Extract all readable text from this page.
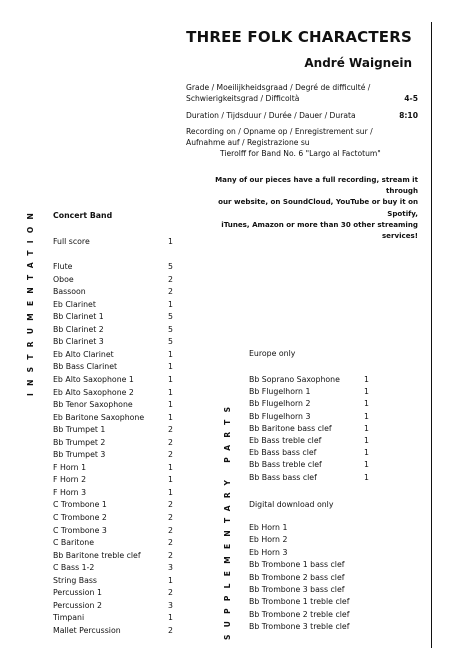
INSTRUMENTATION
SUPPLEMENTARY PARTS
THREE FOLK CHARACTERS
André Waignein
Grade / Moeilijkheidsgraad / Degré de difficulté /
Schwierigkeitsgrad / Difficoltà	4-5
Duration / Tijdsduur / Durée / Dauer / Durata	8:10
Recording on / Opname op / Enregistrement sur /
Aufnahme auf / Registrazione su
Tierolff for Band No. 6 "Largo al Factotum"
Many of our pieces have a full recording, stream it through
our website, on SoundCloud, YouTube or buy it on Spotify,
iTunes, Amazon or more than 30 other streaming services!
Concert Band
Full score	1
Flute	5
Oboe	2
Bassoon	2
Eb Clarinet	1
Bb Clarinet 1	5
Bb Clarinet 2	5
Bb Clarinet 3	5
Eb Alto Clarinet	1
Bb Bass Clarinet	1
Eb Alto Saxophone 1	1
Eb Alto Saxophone 2	1
Bb Tenor Saxophone	1
Eb Baritone Saxophone	1
Bb Trumpet 1	2
Bb Trumpet 2	2
Bb Trumpet 3	2
F Horn 1	1
F Horn 2	1
F Horn 3	1
C Trombone 1	2
C Trombone 2	2
C Trombone 3	2
C Baritone	2
Bb Baritone treble clef	2
C Bass 1-2	3
String Bass	1
Percussion 1	2
Percussion 2	3
Timpani	1
Mallet Percussion	2
Europe only
Bb Soprano Saxophone	1
Bb Flugelhorn 1	1
Bb Flugelhorn 2	1
Bb Flugelhorn 3	1
Bb Baritone bass clef	1
Eb Bass treble clef	1
Eb Bass bass clef	1
Bb Bass treble clef	1
Bb Bass bass clef	1
Digital download only
Eb Horn 1
Eb Horn 2
Eb Horn 3
Bb Trombone 1 bass clef
Bb Trombone 2 bass clef
Bb Trombone 3 bass clef
Bb Trombone 1 treble clef
Bb Trombone 2 treble clef
Bb Trombone 3 treble clef
